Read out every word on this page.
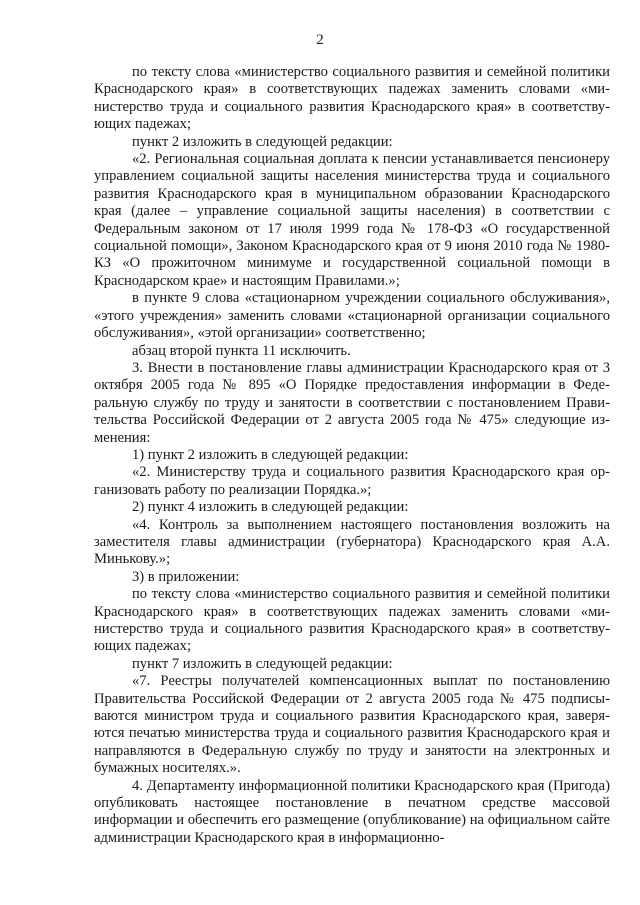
2

по тексту слова «министерство социального развития и семейной политики Краснодарского края» в соответствующих падежах заменить словами «министерство труда и социального развития Краснодарского края» в соответствующих падежах;

пункт 2 изложить в следующей редакции:

«2. Региональная социальная доплата к пенсии устанавливается пенсионеру управлением социальной защиты населения министерства труда и социального развития Краснодарского края в муниципальном образовании Краснодарского края (далее – управление социальной защиты населения) в соответствии с Федеральным законом от 17 июля 1999 года № 178-ФЗ «О государственной социальной помощи», Законом Краснодарского края от 9 июня 2010 года № 1980-КЗ «О прожиточном минимуме и государственной социальной помощи в Краснодарском крае» и настоящим Правилами.»;

в пункте 9 слова «стационарном учреждении социального обслуживания», «этого учреждения» заменить словами «стационарной организации социального обслуживания», «этой организации» соответственно;

абзац второй пункта 11 исключить.

3. Внести в постановление главы администрации Краснодарского края от 3 октября 2005 года № 895 «О Порядке предоставления информации в Федеральную службу по труду и занятости в соответствии с постановлением Правительства Российской Федерации от 2 августа 2005 года № 475» следующие изменения:

1) пункт 2 изложить в следующей редакции:

«2. Министерству труда и социального развития Краснодарского края организовать работу по реализации Порядка.»;

2) пункт 4 изложить в следующей редакции:

«4. Контроль за выполнением настоящего постановления возложить на заместителя главы администрации (губернатора) Краснодарского края А.А. Минькову.»;

3) в приложении:

по тексту слова «министерство социального развития и семейной политики Краснодарского края» в соответствующих падежах заменить словами «министерство труда и социального развития Краснодарского края» в соответствующих падежах;

пункт 7 изложить в следующей редакции:

«7. Реестры получателей компенсационных выплат по постановлению Правительства Российской Федерации от 2 августа 2005 года № 475 подписываются министром труда и социального развития Краснодарского края, заверяются печатью министерства труда и социального развития Краснодарского края и направляются в Федеральную службу по труду и занятости на электронных и бумажных носителях.».

4. Департаменту информационной политики Краснодарского края (Пригода) опубликовать настоящее постановление в печатном средстве массовой информации и обеспечить его размещение (опубликование) на официальном сайте администрации Краснодарского края в информационно-
